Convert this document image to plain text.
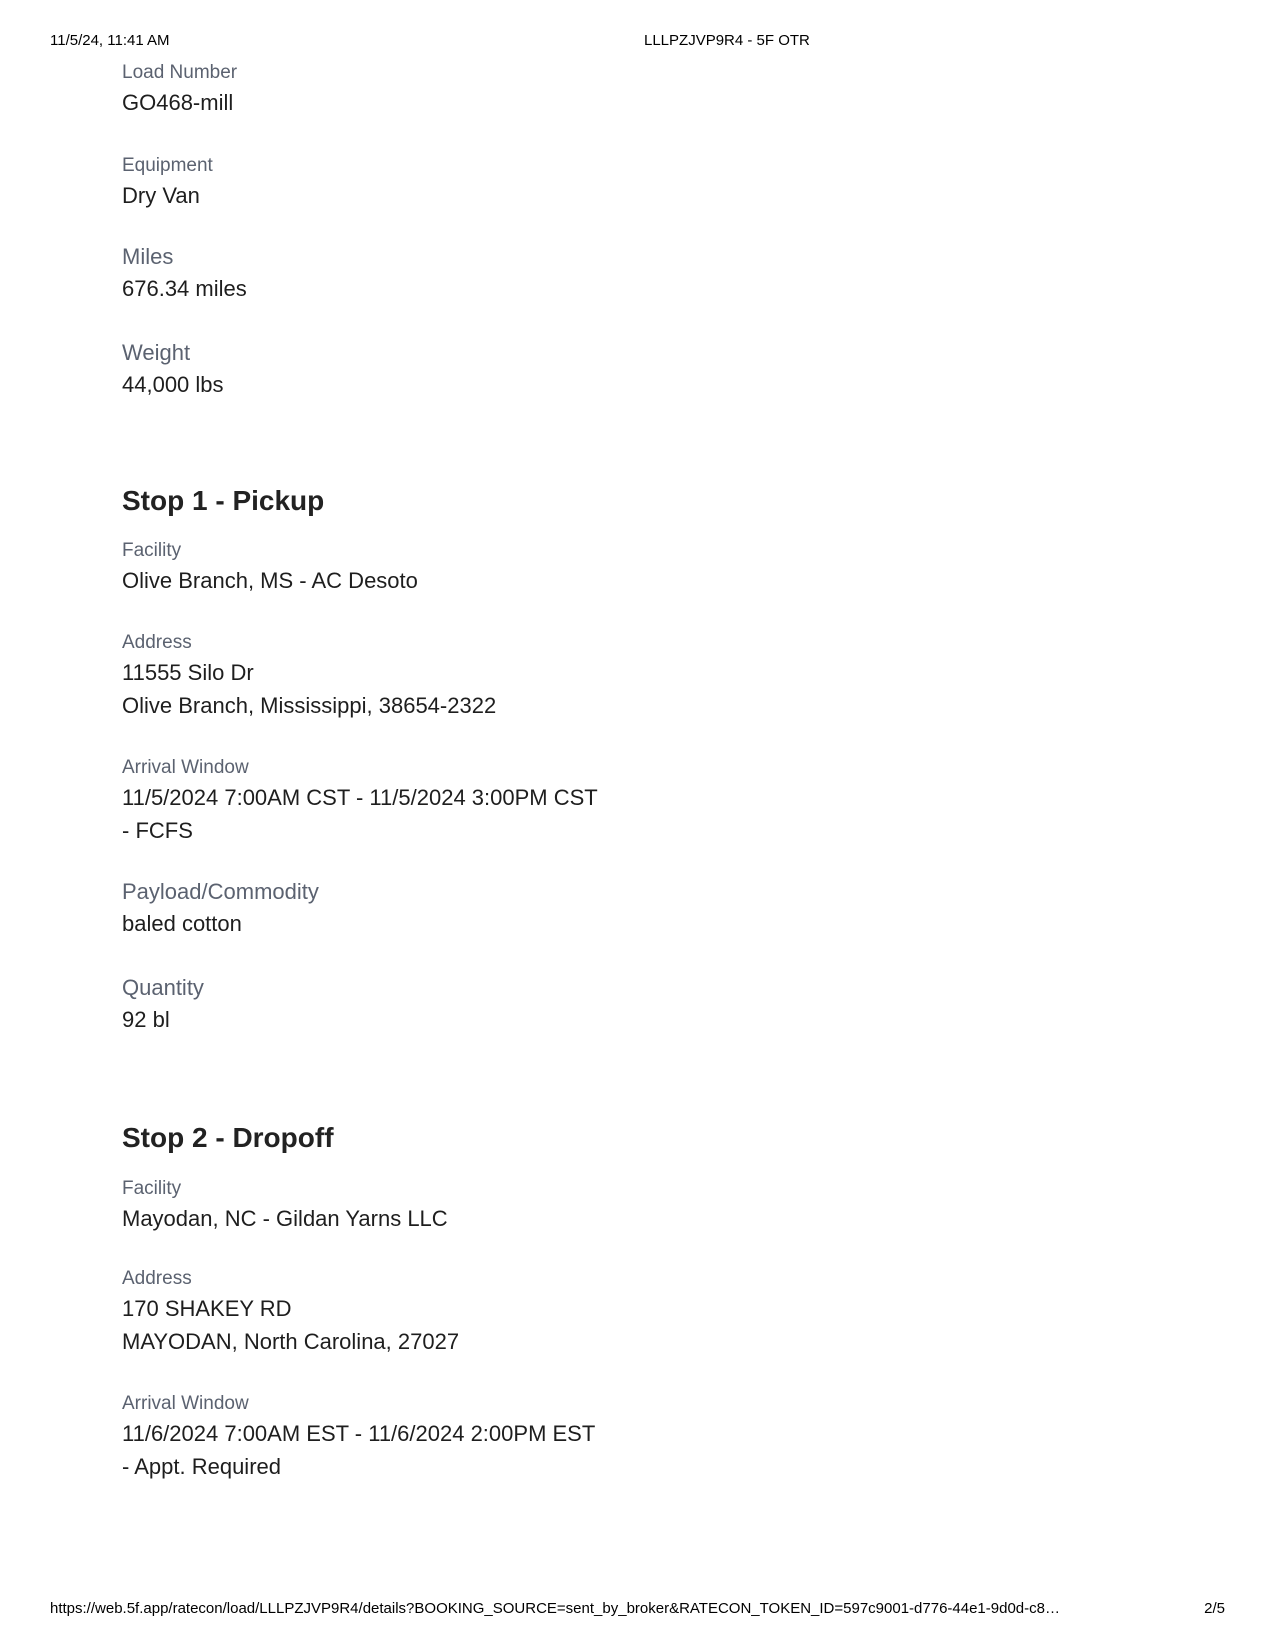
11/5/24, 11:41 AM	LLLPZJVP9R4 - 5F OTR

Load Number

GO468-mill

Equipment

Dry Van

Miles

676.34 miles

Weight

44,000 lbs

Stop 1 - Pickup

Facility

Olive Branch, MS - AC Desoto

Address

11555 Silo Dr

Olive Branch, Mississippi, 38654-2322

Arrival Window

11/5/2024 7:00AM CST - 11/5/2024 3:00PM CST

- FCFS

Payload/Commodity

baled cotton

Quantity

92 bl

Stop 2 - Dropoff

Facility

Mayodan, NC - Gildan Yarns LLC

Address

170 SHAKEY RD

MAYODAN, North Carolina, 27027

Arrival Window

11/6/2024 7:00AM EST - 11/6/2024 2:00PM EST

- Appt. Required

https://web.5f.app/ratecon/load/LLLPZJVP9R4/details?BOOKING_SOURCE=sent_by_broker&RATECON_TOKEN_ID=597c9001-d776-44e1-9d0d-c8…	2/5
